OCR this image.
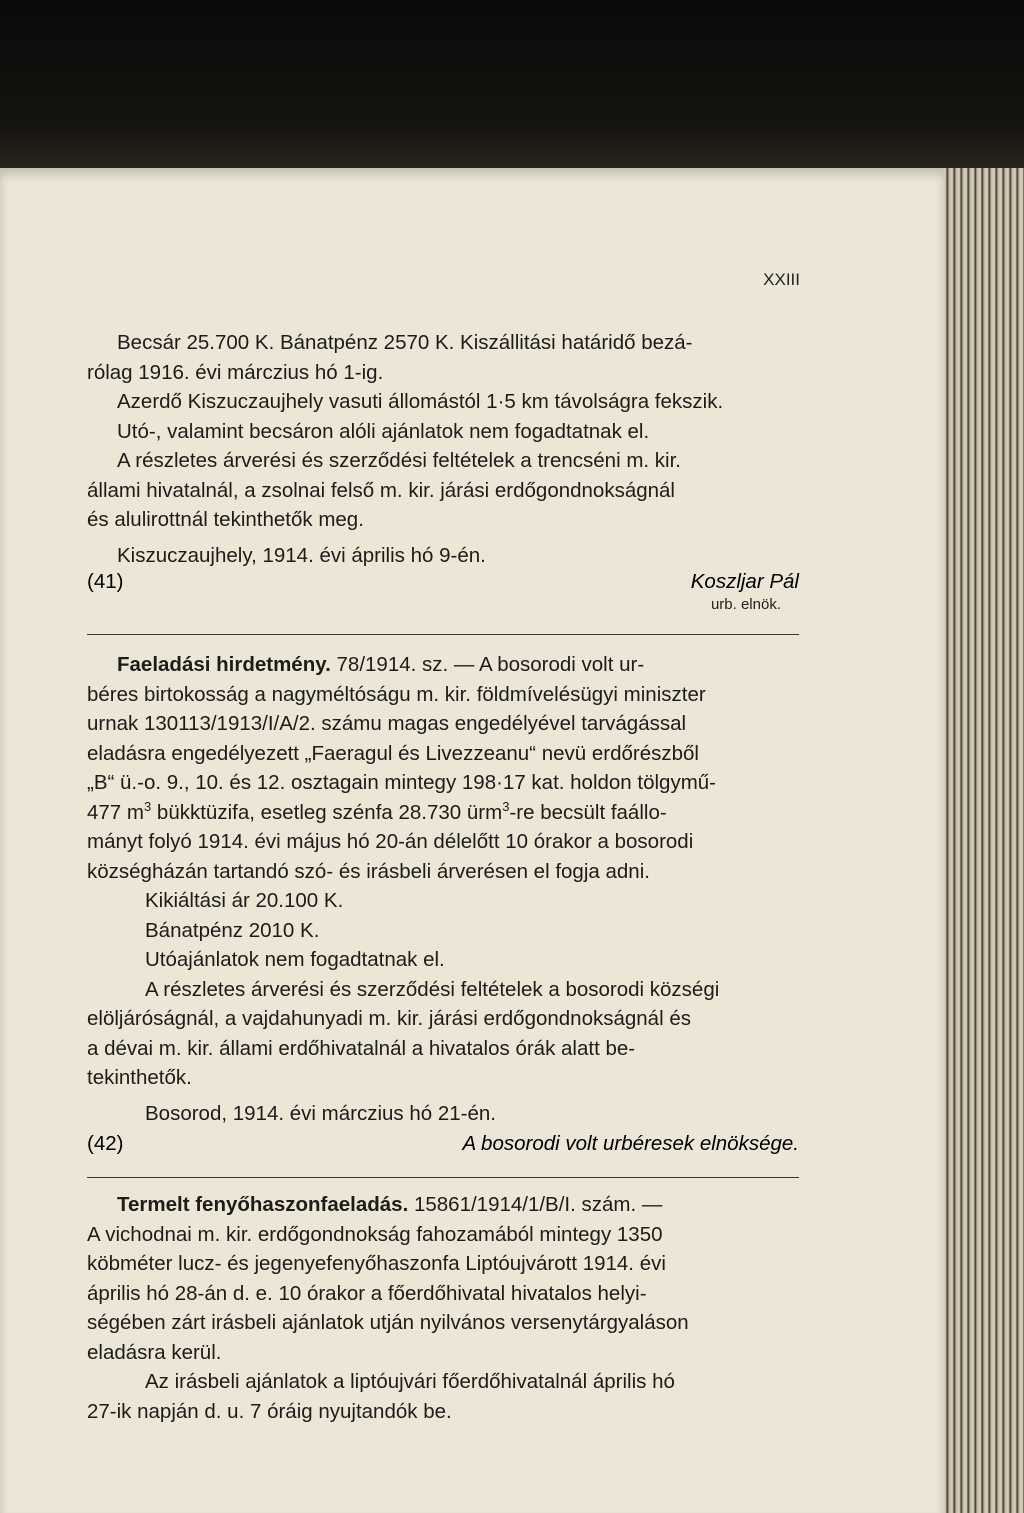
XXIII

Becsár 25.700 K. Bánatpénz 2570 K. Kiszállitási határidő bezá-

rólag 1916. évi márczius hó 1-ig.

Azerdő Kiszuczaujhely vasuti állomástól 1·5 km távolságra fekszik.

Utó-, valamint becsáron alóli ajánlatok nem fogadtatnak el.

A részletes árverési és szerződési feltételek a trencséni m. kir.

állami hivatalnál, a zsolnai felső m. kir. járási erdőgondnokságnál

és alulirottnál tekinthetők meg.

Kiszuczaujhely, 1914. évi április hó 9-én.

(41)	Koszljar Pál
urb. elnök.

Faeladási hirdetmény. 78/1914. sz. — A bosorodi volt ur-

béres birtokosság a nagyméltóságu m. kir. földmívelésügyi miniszter

urnak 130113/1913/I/A/2. számu magas engedélyével tarvágással

eladásra engedélyezett „Faeragul és Livezzeanu“ nevü erdőrészből

„B“ ü.-o. 9., 10. és 12. osztagain mintegy 198·17 kat. holdon tölgymű-

477 $m^3$ bükktüzifa, esetleg szénfa 28.730 ürm$^3$-re becsült faállo-

mányt folyó 1914. évi május hó 20-án délelőtt 10 órakor a bosorodi

községházán tartandó szó- és irásbeli árverésen el fogja adni.

Kikiáltási ár 20.100 K.

Bánatpénz 2010 K.

Utóajánlatok nem fogadtatnak el.

A részletes árverési és szerződési feltételek a bosorodi községi

elöljáróságnál, a vajdahunyadi m. kir. járási erdőgondnokságnál és

a dévai m. kir. állami erdőhivatalnál a hivatalos órák alatt be-

tekinthetők.

Bosorod, 1914. évi márczius hó 21-én.

(42)	A bosorodi volt urbéresek elnöksége.

Termelt fenyőhaszonfaeladás. 15861/1914/1/B/I. szám. —

A vichodnai m. kir. erdőgondnokság fahozamából mintegy 1350

köbméter lucz- és jegenyefenyőhaszonfa Liptóujvárott 1914. évi

április hó 28-án d. e. 10 órakor a főerdőhivatal hivatalos helyi-

ségében zárt irásbeli ajánlatok utján nyilvános versenytárgyaláson

eladásra kerül.

Az irásbeli ajánlatok a liptóujvári főerdőhivatalnál április hó

27-ik napján d. u. 7 óráig nyujtandók be.
